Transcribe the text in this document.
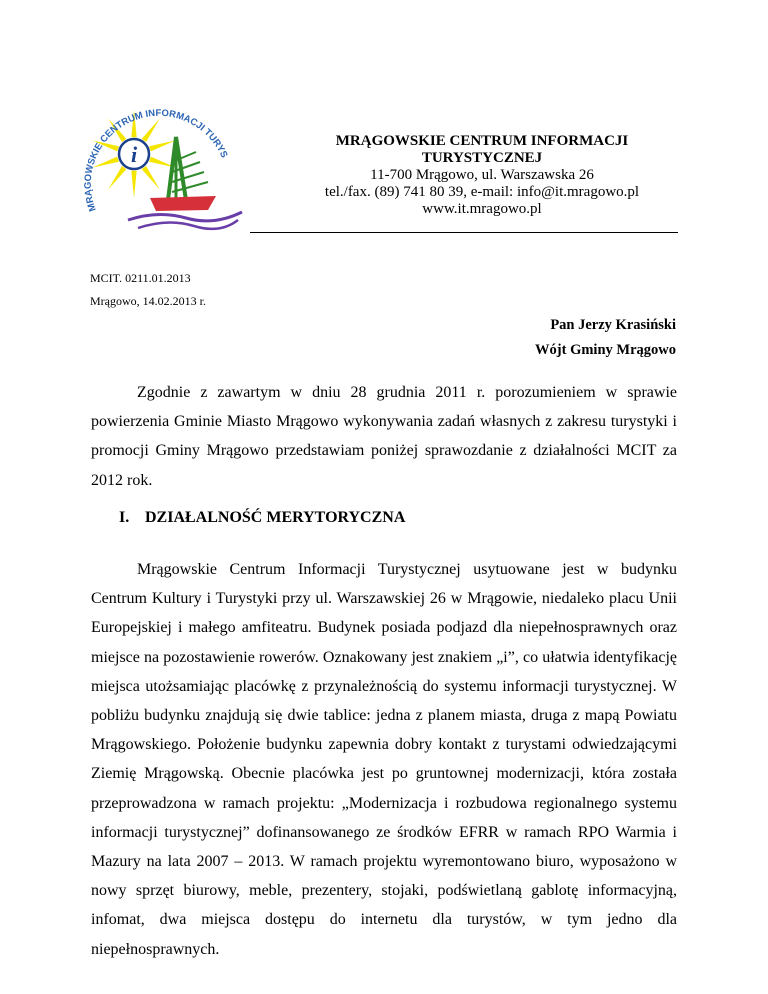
i
MRĄGOWSKIE CENTRUM INFORMACJI TURYS
MRĄGOWSKIE CENTRUM INFORMACJI
TURYSTYCZNEJ
11-700 Mrągowo, ul. Warszawska 26
tel./fax. (89) 741 80 39, e-mail: info@it.mragowo.pl
www.it.mragowo.pl
MCIT. 0211.01.2013
Mrągowo, 14.02.2013 r.
Pan Jerzy Krasiński
Wójt Gminy Mrągowo

Zgodnie z zawartym w dniu 28 grudnia 2011 r. porozumieniem w sprawie powierzenia Gminie Miasto Mrągowo wykonywania zadań własnych z zakresu turystyki i promocji Gminy Mrągowo przedstawiam poniżej sprawozdanie z działalności MCIT za 2012 rok.

I. DZIAŁALNOŚĆ MERYTORYCZNA

Mrągowskie Centrum Informacji Turystycznej usytuowane jest w budynku Centrum Kultury i Turystyki przy ul. Warszawskiej 26 w Mrągowie, niedaleko placu Unii Europejskiej i małego amfiteatru. Budynek posiada podjazd dla niepełnosprawnych oraz miejsce na pozostawienie rowerów. Oznakowany jest znakiem „i”, co ułatwia identyfikację miejsca utożsamiając placówkę z przynależnością do systemu informacji turystycznej. W pobliżu budynku znajdują się dwie tablice: jedna z planem miasta, druga z mapą Powiatu Mrągowskiego. Położenie budynku zapewnia dobry kontakt z turystami odwiedzającymi Ziemię Mrągowską. Obecnie placówka jest po gruntownej modernizacji, która została przeprowadzona w ramach projektu: „Modernizacja i rozbudowa regionalnego systemu informacji turystycznej” dofinansowanego ze środków EFRR w ramach RPO Warmia i Mazury na lata 2007 – 2013. W ramach projektu wyremontowano biuro, wyposażono w nowy sprzęt biurowy, meble, prezentery, stojaki, podświetlaną gablotę informacyjną, infomat, dwa miejsca dostępu do internetu dla turystów, w tym jedno dla niepełnosprawnych.
